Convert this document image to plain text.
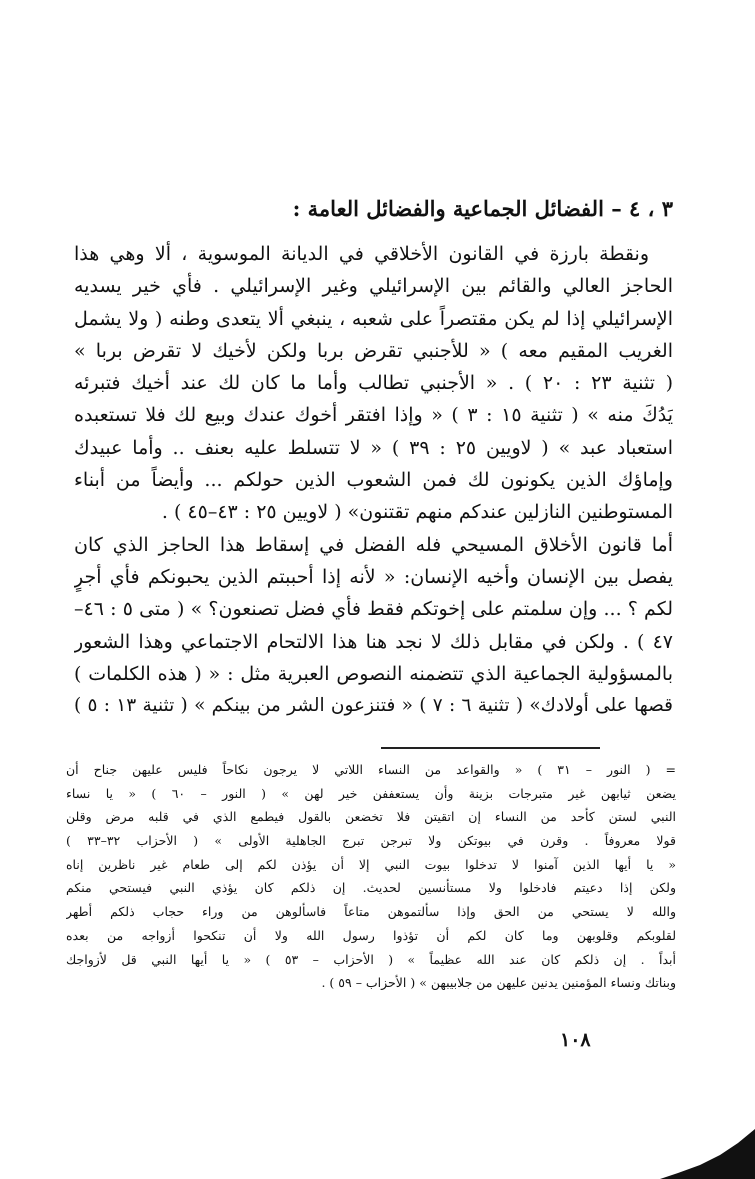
٣ ، ٤ – الفضائل الجماعية والفضائل العامة :
ونقطة بارزة في القانون الأخلاقي في الديانة الموسوية ، ألا وهي هذا
الحاجز العالي والقائم بين الإسرائيلي وغير الإسرائيلي . فأي خير يسديه
الإسرائيلي إذا لم يكن مقتصراً على شعبه ، ينبغي ألا يتعدى وطنه ( ولا يشمل
الغريب المقيم معه ) « للأجنبي تقرض بربا ولكن لأخيك لا تقرض بربا »
( تثنية ٢٣ : ٢٠ ) . « الأجنبي تطالب وأما ما كان لك عند أخيك فتبرئه
يَدُكَ منه » ( تثنية ١٥ : ٣ ) « وإذا افتقر أخوك عندك وبيع لك فلا تستعبده
استعباد عبد » ( لاويين ٢٥ : ٣٩ ) « لا تتسلط عليه بعنف .. وأما عبيدك
وإماؤك الذين يكونون لك فمن الشعوب الذين حولكم ... وأيضاً من أبناء
المستوطنين النازلين عندكم منهم تقتنون» ( لاويين ٢٥ : ٤٣–٤٥ ) .
أما قانون الأخلاق المسيحي فله الفضل في إسقاط هذا الحاجز الذي كان
يفصل بين الإنسان وأخيه الإنسان: « لأنه إذا أحببتم الذين يحبونكم فأي أجرٍ
لكم ؟ ... وإن سلمتم على إخوتكم فقط فأي فضل تصنعون؟ » ( متى ٥ : ٤٦–
٤٧ ) . ولكن في مقابل ذلك لا نجد هنا هذا الالتحام الاجتماعي وهذا الشعور
بالمسؤولية الجماعية الذي تتضمنه النصوص العبرية مثل : « ( هذه الكلمات )
قصها على أولادك» ( تثنية ٦ : ٧ ) « فتنزعون الشر من بينكم » ( تثنية ١٣ : ٥ )
= ( النور – ٣١ ) « والقواعد من النساء اللاتي لا يرجون نكاحاً فليس عليهن جناح أن
يضعن ثيابهن غير متبرجات بزينة وأن يستعففن خير لهن » ( النور – ٦٠ ) « يا نساء
النبي لستن كأحد من النساء إن اتقيتن فلا تخضعن بالقول فيطمع الذي في قلبه مرض وقلن
قولا معروفاً . وقرن في بيوتكن ولا تبرجن تبرج الجاهلية الأولى » ( الأحزاب ٣٢–٣٣ )
« يا أيها الذين آمنوا لا تدخلوا بيوت النبي إلا أن يؤذن لكم إلى طعام غير ناظرين إناه
ولكن إذا دعيتم فادخلوا ولا مستأنسين لحديث. إن ذلكم كان يؤذي النبي فيستحي منكم
والله لا يستحي من الحق وإذا سألتموهن متاعاً فاسألوهن من وراء حجاب ذلكم أطهر
لقلوبكم وقلوبهن وما كان لكم أن تؤذوا رسول الله ولا أن تنكحوا أزواجه من بعده
أبداً . إن ذلكم كان عند الله عظيماً » ( الأحزاب – ٥٣ ) « يا أيها النبي قل لأزواجك
وبناتك ونساء المؤمنين يدنين عليهن من جلابيبهن » ( الأحزاب – ٥٩ ) .
١٠٨
